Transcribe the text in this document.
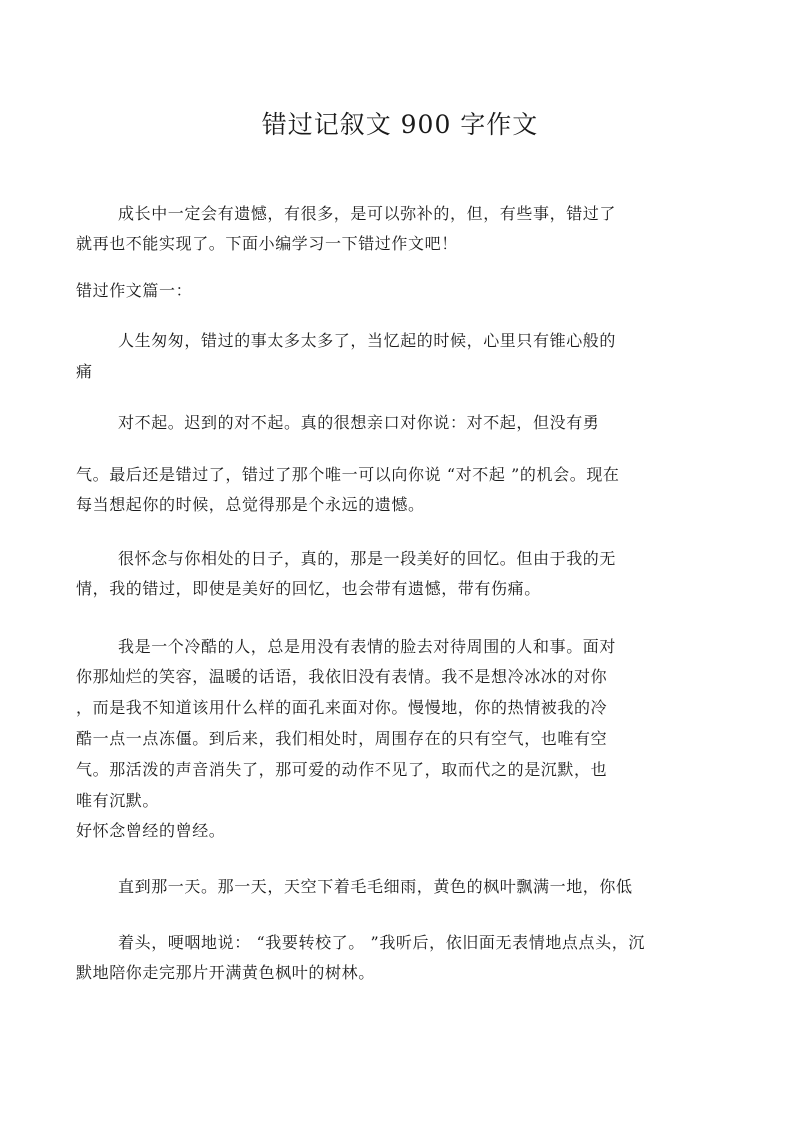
错过记叙文 900 字作文
成长中一定会有遗憾，有很多，是可以弥补的，但，有些事，错过了
就再也不能实现了。下面小编学习一下错过作文吧！
错过作文篇一：
人生匆匆，错过的事太多太多了，当忆起的时候，心里只有锥心般的
痛
对不起。迟到的对不起。真的很想亲口对你说：对不起，但没有勇
气。最后还是错过了，错过了那个唯一可以向你说 “对不起 ”的机会。现在
每当想起你的时候，总觉得那是个永远的遗憾。
很怀念与你相处的日子，真的，那是一段美好的回忆。但由于我的无
情，我的错过，即使是美好的回忆，也会带有遗憾，带有伤痛。
我是一个冷酷的人，总是用没有表情的脸去对待周围的人和事。面对
你那灿烂的笑容，温暖的话语，我依旧没有表情。我不是想冷冰冰的对你
，而是我不知道该用什么样的面孔来面对你。慢慢地，你的热情被我的冷
酷一点一点冻僵。到后来，我们相处时，周围存在的只有空气，也唯有空
气。那活泼的声音消失了，那可爱的动作不见了，取而代之的是沉默，也
唯有沉默。
好怀念曾经的曾经。
直到那一天。那一天，天空下着毛毛细雨，黄色的枫叶飘满一地，你低
着头，哽咽地说： “我要转校了。 ”我听后，依旧面无表情地点点头，沉
默地陪你走完那片开满黄色枫叶的树林。
